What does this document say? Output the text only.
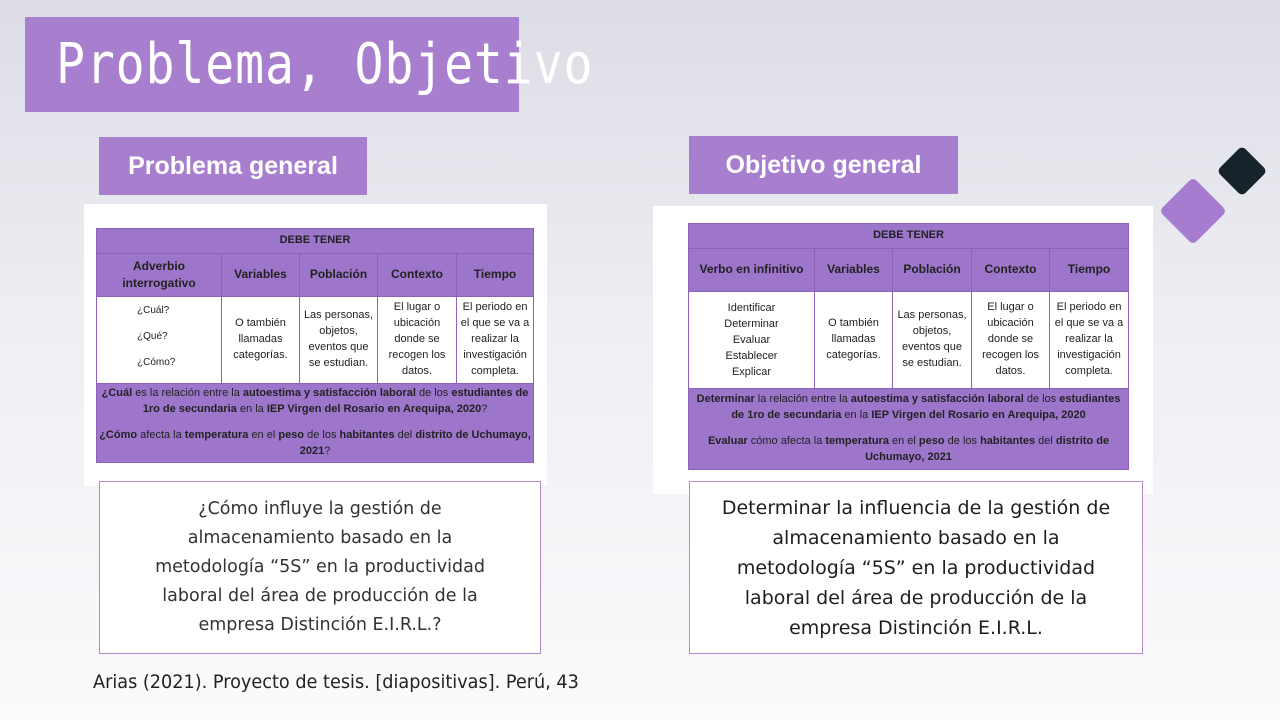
Problema, Objetivo
Problema general	Objetivo general
DEBE TENER				
Adverbio interrogativo	Variables	Población	Contexto	Tiempo

¿Cuál?
¿Qué?
¿Cómo?	O también llamadas categorías.	Las personas, objetos, eventos que se estudian.	El lugar o ubicación donde se recogen los datos.	El periodo en el que se va a realizar la investigación completa.

¿Cuál es la relación entre la autoestima y satisfacción laboral de los estudiantes de 1ro de secundaria en la IEP Virgen del Rosario en Arequipa, 2020?
¿Cómo afecta la temperatura en el peso de los habitantes del distrito de Uchumayo, 2021?				
DEBE TENER				
Verbo en infinitivo	Variables	Población	Contexto	Tiempo

Identificar
Determinar
Evaluar
Establecer
Explicar	O también llamadas categorías.	Las personas, objetos, eventos que se estudian.	El lugar o ubicación donde se recogen los datos.	El periodo en el que se va a realizar la investigación completa.

Determinar la relación entre la autoestima y satisfacción laboral de los estudiantes de 1ro de secundaria en la IEP Virgen del Rosario en Arequipa, 2020
Evaluar cómo afecta la temperatura en el peso de los habitantes del distrito de Uchumayo, 2021				

¿Cómo influye la gestión de almacenamiento basado en la metodología “5S” en la productividad laboral del área de producción de la empresa Distinción E.I.R.L.?

Determinar la influencia de la gestión de almacenamiento basado en la metodología “5S” en la productividad laboral del área de producción de la empresa Distinción E.I.R.L.

Arias (2021). Proyecto de tesis. [diapositivas]. Perú, 43
